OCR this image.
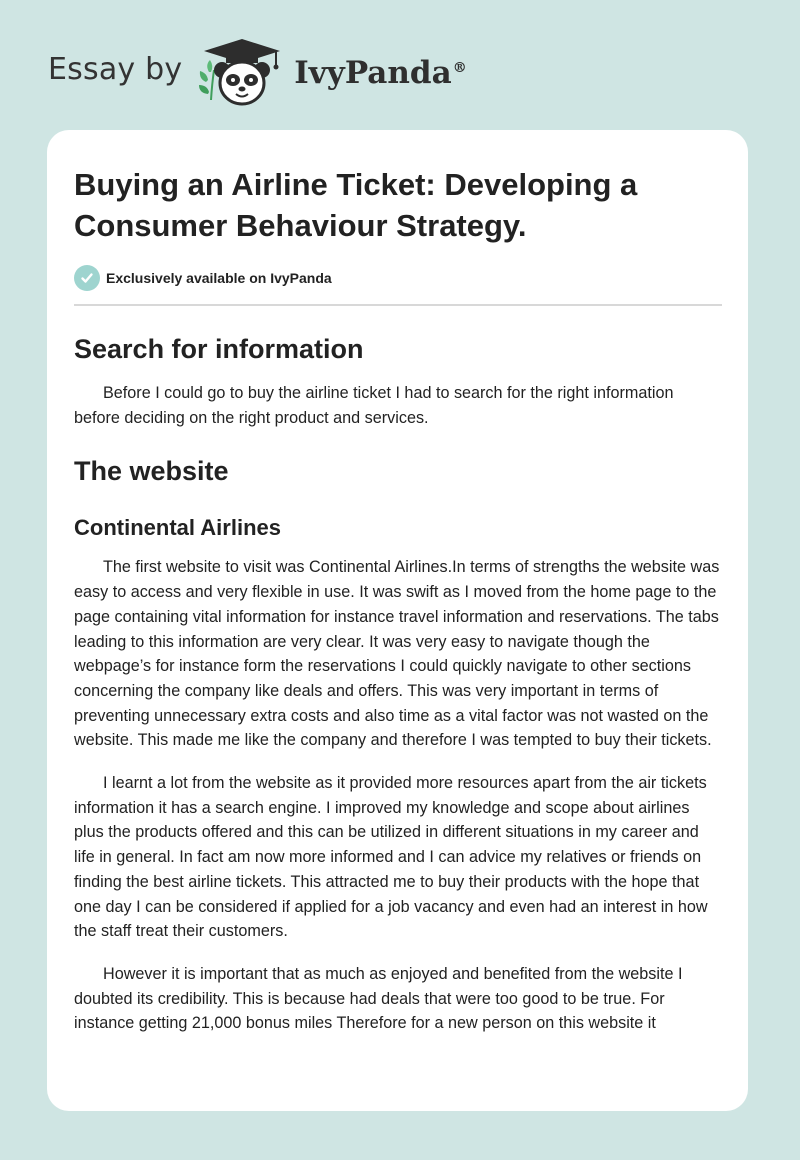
Essay by	IvyPanda®
Buying an Airline Ticket: Developing a Consumer Behaviour Strategy.
Exclusively available on IvyPanda
Search for information

Before I could go to buy the airline ticket I had to search for the right information before deciding on the right product and services.

The website
Continental Airlines

The first website to visit was Continental Airlines.In terms of strengths the website was easy to access and very flexible in use. It was swift as I moved from the home page to the page containing vital information for instance travel information and reservations. The tabs leading to this information are very clear. It was very easy to navigate though the webpage’s for instance form the reservations I could quickly navigate to other sections concerning the company like deals and offers. This was very important in terms of preventing unnecessary extra costs and also time as a vital factor was not wasted on the website. This made me like the company and therefore I was tempted to buy their tickets.

I learnt a lot from the website as it provided more resources apart from the air tickets information it has a search engine. I improved my knowledge and scope about airlines plus the products offered and this can be utilized in different situations in my career and life in general. In fact am now more informed and I can advice my relatives or friends on finding the best airline tickets. This attracted me to buy their products with the hope that one day I can be considered if applied for a job vacancy and even had an interest in how the staff treat their customers.

However it is important that as much as enjoyed and benefited from the website I doubted its credibility. This is because had deals that were too good to be true. For instance getting 21,000 bonus miles Therefore for a new person on this website it
